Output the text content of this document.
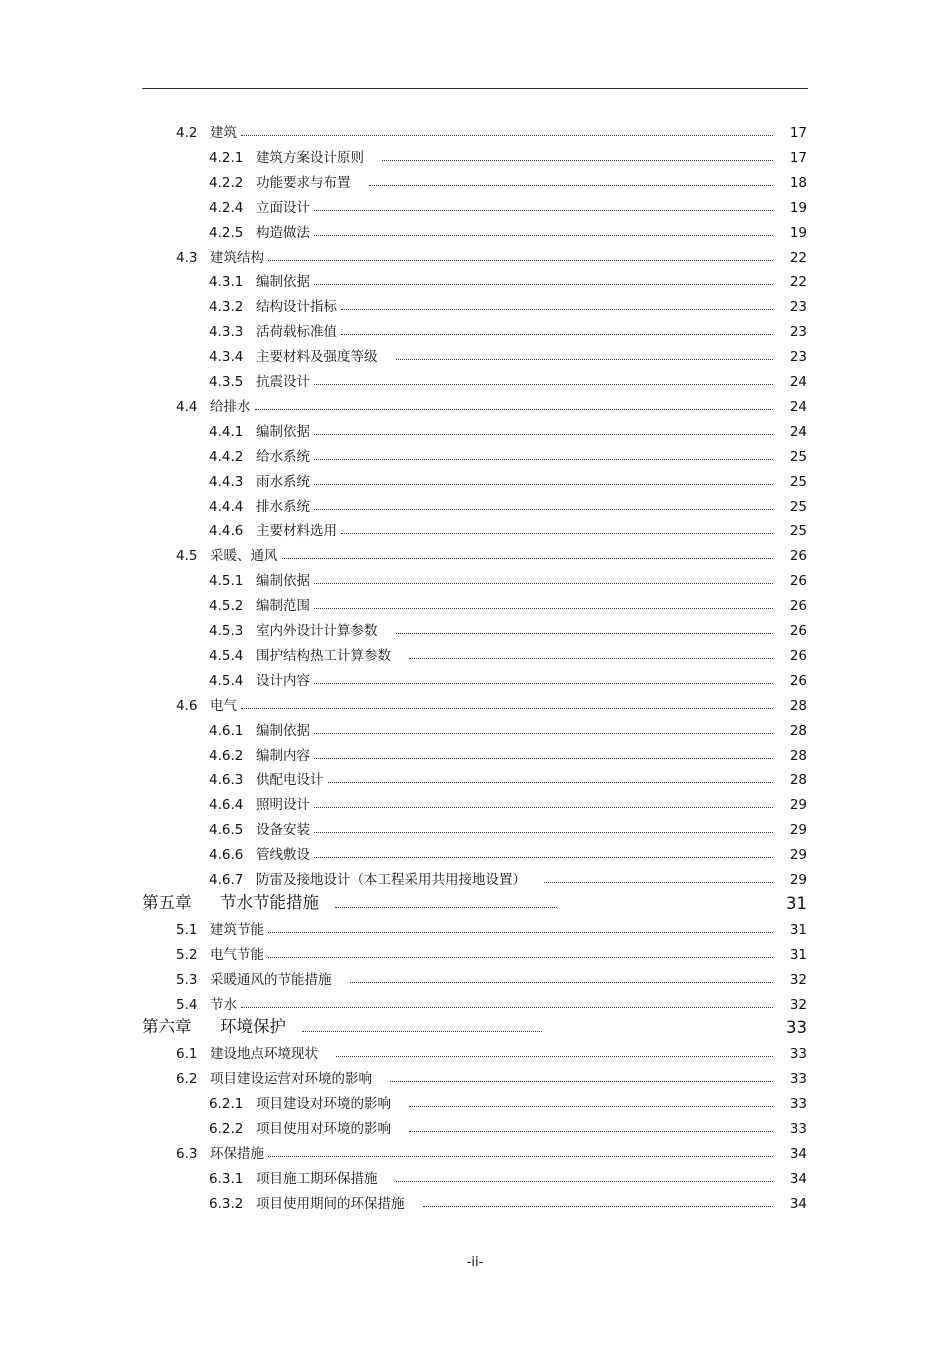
4.2 建筑	17
4.2.1 建筑方案设计原则	17
4.2.2 功能要求与布置	18
4.2.4 立面设计	19
4.2.5 构造做法	19
4.3 建筑结构	22
4.3.1 编制依据	22
4.3.2 结构设计指标	23
4.3.3 活荷载标准值	23
4.3.4 主要材料及强度等级	23
4.3.5 抗震设计	24
4.4 给排水	24
4.4.1 编制依据	24
4.4.2 给水系统	25
4.4.3 雨水系统	25
4.4.4 排水系统	25
4.4.6 主要材料选用	25
4.5 采暖、通风	26
4.5.1 编制依据	26
4.5.2 编制范围	26
4.5.3 室内外设计计算参数	26
4.5.4 围护结构热工计算参数	26
4.5.4 设计内容	26
4.6 电气	28
4.6.1 编制依据	28
4.6.2 编制内容	28
4.6.3 供配电设计	28
4.6.4 照明设计	29
4.6.5 设备安装	29
4.6.6 管线敷设	29
4.6.7 防雷及接地设计（本工程采用共用接地设置）	29
第五章	节水节能措施	31
5.1 建筑节能	31
5.2 电气节能	31
5.3 采暖通风的节能措施	32
5.4 节水	32
第六章	环境保护	33
6.1 建设地点环境现状	33
6.2 项目建设运营对环境的影响	33
6.2.1 项目建设对环境的影响	33
6.2.2 项目使用对环境的影响	33
6.3 环保措施	34
6.3.1 项目施工期环保措施	34
6.3.2 项目使用期间的环保措施	34
-ii-
